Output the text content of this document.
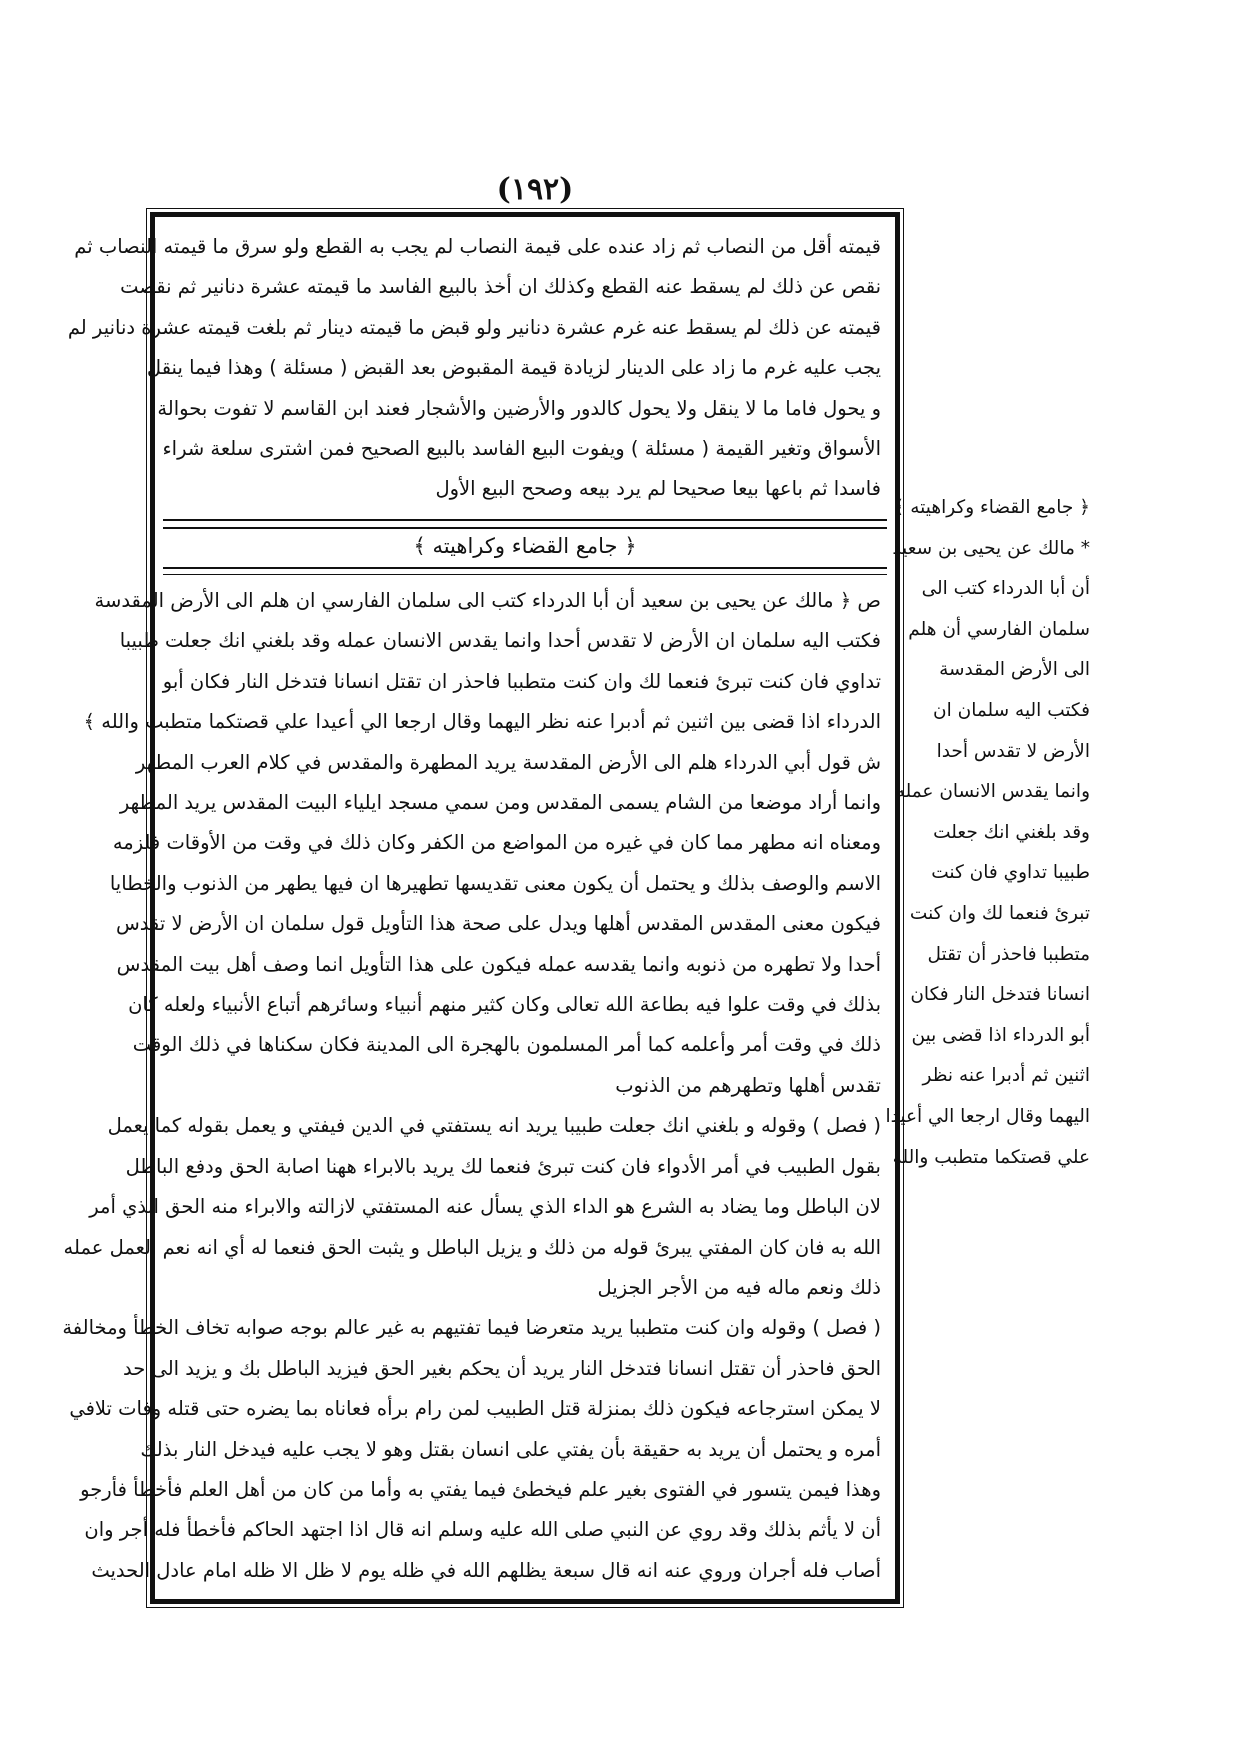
(١٩٢)
قيمته أقل من النصاب ثم زاد عنده على قيمة النصاب لم يجب به القطع ولو سرق ما قيمته النصاب ثم
نقص عن ذلك لم يسقط عنه القطع وكذلك ان أخذ بالبيع الفاسد ما قيمته عشرة دنانير ثم نقصت
قيمته عن ذلك لم يسقط عنه غرم عشرة دنانير ولو قبض ما قيمته دينار ثم بلغت قيمته عشرة دنانير لم
يجب عليه غرم ما زاد على الدينار لزيادة قيمة المقبوض بعد القبض ( مسئلة ) وهذا فيما ينقل
و يحول فاما ما لا ينقل ولا يحول كالدور والأرضين والأشجار فعند ابن القاسم لا تفوت بحوالة
الأسواق وتغير القيمة ( مسئلة ) ويفوت البيع الفاسد بالبيع الصحيح فمن اشترى سلعة شراء
فاسدا ثم باعها بيعا صحيحا لم يرد بيعه وصحح البيع الأول
﴿ جامع القضاء وكراهيته ﴾
ص ﴿ مالك عن يحيى بن سعيد أن أبا الدرداء كتب الى سلمان الفارسي ان هلم الى الأرض المقدسة
فكتب اليه سلمان ان الأرض لا تقدس أحدا وانما يقدس الانسان عمله وقد بلغني انك جعلت طبيبا
تداوي فان كنت تبرئ فنعما لك وان كنت متطببا فاحذر ان تقتل انسانا فتدخل النار فكان أبو
الدرداء اذا قضى بين اثنين ثم أدبرا عنه نظر اليهما وقال ارجعا الي أعيدا علي قصتكما متطبب والله ﴾
ش قول أبي الدرداء هلم الى الأرض المقدسة يريد المطهرة والمقدس في كلام العرب المطهر
وانما أراد موضعا من الشام يسمى المقدس ومن سمي مسجد ايلياء البيت المقدس يريد المطهر
ومعناه انه مطهر مما كان في غيره من المواضع من الكفر وكان ذلك في وقت من الأوقات فلزمه
الاسم والوصف بذلك و يحتمل أن يكون معنى تقديسها تطهيرها ان فيها يطهر من الذنوب والخطايا
فيكون معنى المقدس المقدس أهلها ويدل على صحة هذا التأويل قول سلمان ان الأرض لا تقدس
أحدا ولا تطهره من ذنوبه وانما يقدسه عمله فيكون على هذا التأويل انما وصف أهل بيت المقدس
بذلك في وقت علوا فيه بطاعة الله تعالى وكان كثير منهم أنبياء وسائرهم أتباع الأنبياء ولعله كان
ذلك في وقت أمر وأعلمه كما أمر المسلمون بالهجرة الى المدينة فكان سكناها في ذلك الوقت
تقدس أهلها وتطهرهم من الذنوب
( فصل ) وقوله و بلغني انك جعلت طبيبا يريد انه يستفتي في الدين فيفتي و يعمل بقوله كما يعمل
بقول الطبيب في أمر الأدواء فان كنت تبرئ فنعما لك يريد بالابراء ههنا اصابة الحق ودفع الباطل
لان الباطل وما يضاد به الشرع هو الداء الذي يسأل عنه المستفتي لازالته والابراء منه الحق الذي أمر
الله به فان كان المفتي يبرئ قوله من ذلك و يزيل الباطل و يثبت الحق فنعما له أي انه نعم العمل عمله
ذلك ونعم ماله فيه من الأجر الجزيل
( فصل ) وقوله وان كنت متطببا يريد متعرضا فيما تفتيهم به غير عالم بوجه صوابه تخاف الخطأ ومخالفة
الحق فاحذر أن تقتل انسانا فتدخل النار يريد أن يحكم بغير الحق فيزيد الباطل بك و يزيد الى حد
لا يمكن استرجاعه فيكون ذلك بمنزلة قتل الطبيب لمن رام برأه فعاناه بما يضره حتى قتله وفات تلافي
أمره و يحتمل أن يريد به حقيقة بأن يفتي على انسان بقتل وهو لا يجب عليه فيدخل النار بذلك
وهذا فيمن يتسور في الفتوى بغير علم فيخطئ فيما يفتي به وأما من كان من أهل العلم فأخطأ فأرجو
أن لا يأثم بذلك وقد روي عن النبي صلى الله عليه وسلم انه قال اذا اجتهد الحاكم فأخطأ فله أجر وان
أصاب فله أجران وروي عنه انه قال سبعة يظلهم الله في ظله يوم لا ظل الا ظله امام عادل الحديث
﴿ جامع القضاء وكراهيته ﴾
* مالك عن يحيى بن سعيد
أن أبا الدرداء كتب الى
سلمان الفارسي أن هلم
الى الأرض المقدسة
فكتب اليه سلمان ان
الأرض لا تقدس أحدا
وانما يقدس الانسان عمله
وقد بلغني انك جعلت
طبيبا تداوي فان كنت
تبرئ فنعما لك وان كنت
متطببا فاحذر أن تقتل
انسانا فتدخل النار فكان
أبو الدرداء اذا قضى بين
اثنين ثم أدبرا عنه نظر
اليهما وقال ارجعا الي أعيدا
علي قصتكما متطبب والله
